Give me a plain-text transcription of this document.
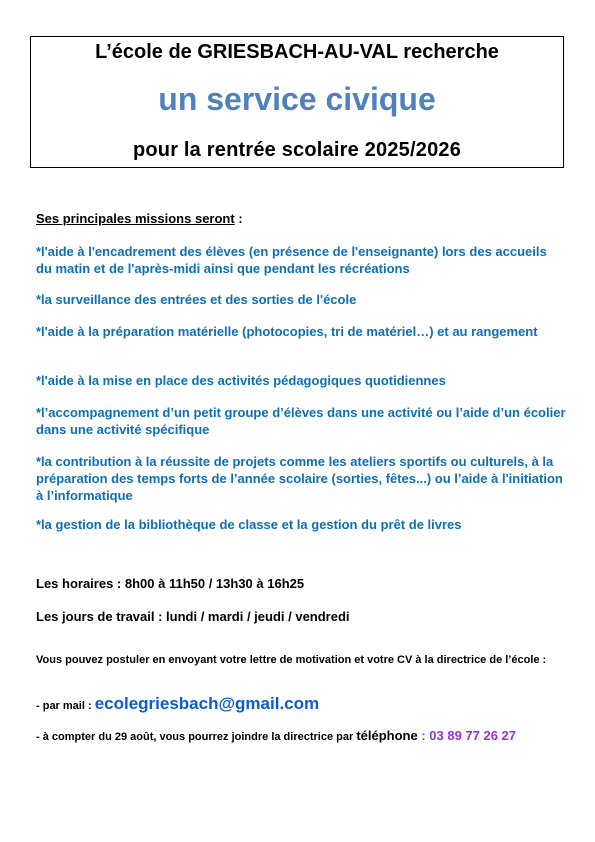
L’école de GRIESBACH-AU-VAL recherche
un service civique
pour la rentrée scolaire 2025/2026
Ses principales missions seront :
*l'aide à l'encadrement des élèves (en présence de l'enseignante) lors des accueils du matin et de l'après-midi ainsi que pendant les récréations
*la surveillance des entrées et des sorties de l'école
*l'aide à la préparation matérielle (photocopies, tri de matériel…) et au rangement
*l'aide à la mise en place des activités pédagogiques quotidiennes
*l’accompagnement d’un petit groupe d’élèves dans une activité ou l’aide d’un écolier dans une activité spécifique
*la contribution à la réussite de projets comme les ateliers sportifs ou culturels, à la préparation des temps forts de l’année scolaire (sorties, fêtes...) ou l’aide à l'initiation à l’informatique
*la gestion de la bibliothèque de classe et la gestion du prêt de livres
Les horaires : 8h00 à 11h50 / 13h30 à 16h25
Les jours de travail : lundi / mardi / jeudi / vendredi
Vous pouvez postuler en envoyant votre lettre de motivation et votre CV à la directrice de l’école :
- par mail : ecolegriesbach@gmail.com
- à compter du 29 août, vous pourrez joindre la directrice par téléphone : 03 89 77 26 27
